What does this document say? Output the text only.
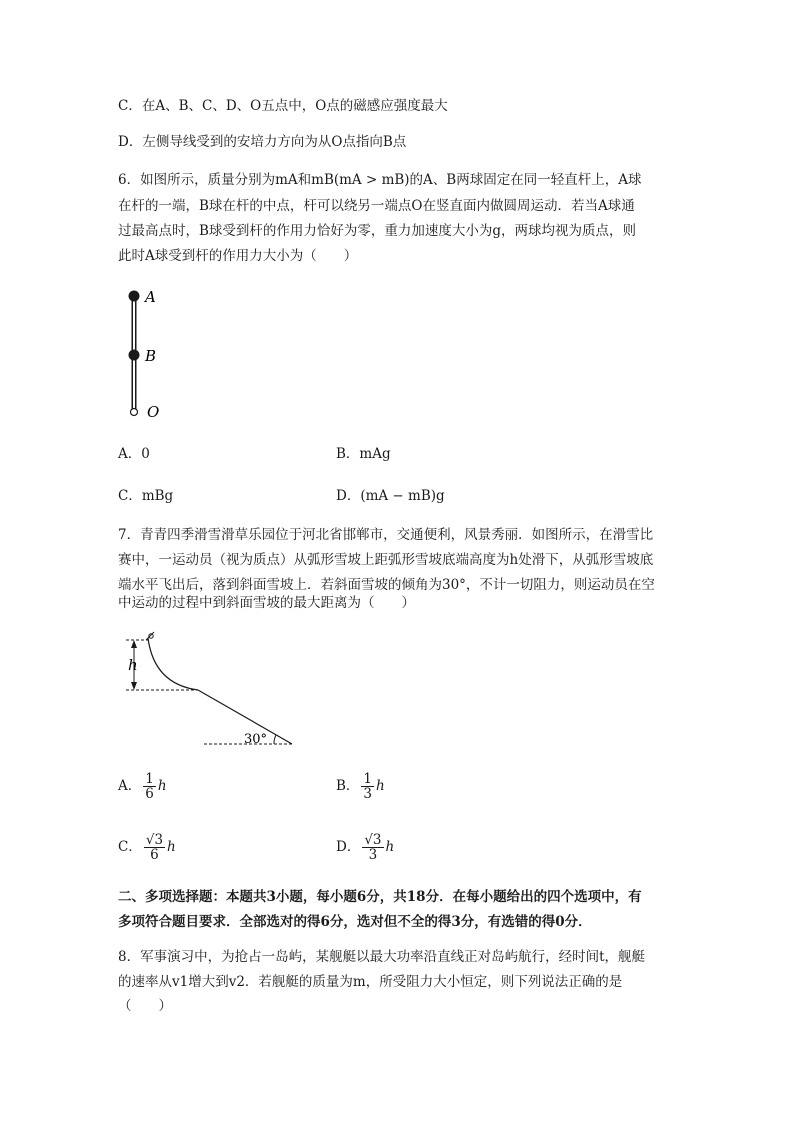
C．在A、B、C、D、O五点中，O点的磁感应强度最大
D．左侧导线受到的安培力方向为从O点指向B点
6．如图所示，质量分别为mA和mB(mA > mB)的A、B两球固定在同一轻直杆上，A球
在杆的一端，B球在杆的中点，杆可以绕另一端点O在竖直面内做圆周运动．若当A球通
过最高点时，B球受到杆的作用力恰好为零，重力加速度大小为g，两球均视为质点，则
此时A球受到杆的作用力大小为（　　）
A
B
O
A．0	B．mAg
C．mBg	D．(mA − mB)g
7．青青四季滑雪滑草乐园位于河北省邯郸市，交通便利，风景秀丽．如图所示，在滑雪比
赛中，一运动员（视为质点）从弧形雪坡上距弧形雪坡底端高度为h处滑下，从弧形雪坡底
端水平飞出后，落到斜面雪坡上．若斜面雪坡的倾角为30°，不计一切阻力，则运动员在空
中运动的过程中到斜面雪坡的最大距离为（　　）
h
30°
A． $\frac{1}{6}$ h	B． $\frac{1}{3}$ h
C． $\frac{√3}{6}$ h	D． $\frac{√3}{3}$ h
二、多项选择题：本题共3小题，每小题6分，共18分．在每小题给出的四个选项中，有
多项符合题目要求．全部选对的得6分，选对但不全的得3分，有选错的得0分．
8．军事演习中，为抢占一岛屿，某舰艇以最大功率沿直线正对岛屿航行，经时间t，舰艇
的速率从v1增大到v2．若舰艇的质量为m，所受阻力大小恒定，则下列说法正确的是
（　　）
